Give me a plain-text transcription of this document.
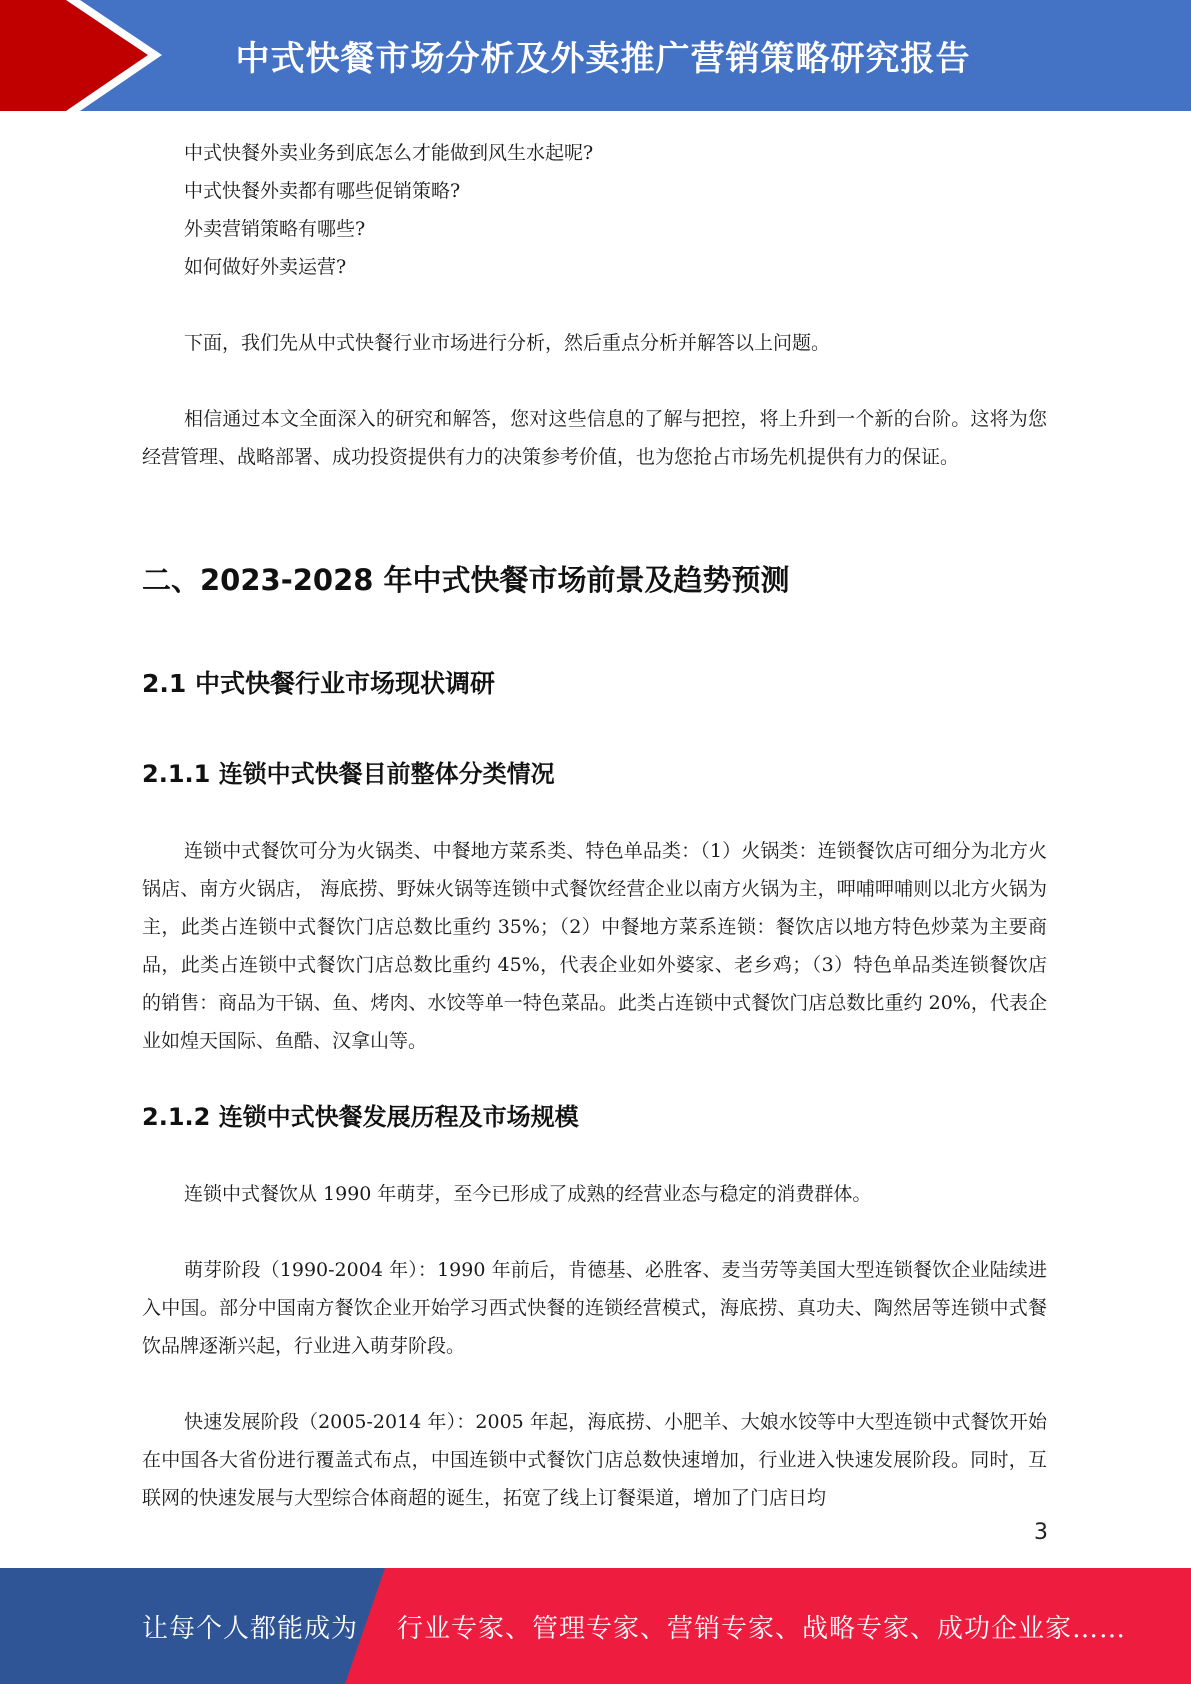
中式快餐市场分析及外卖推广营销策略研究报告

中式快餐外卖业务到底怎么才能做到风生水起呢?

中式快餐外卖都有哪些促销策略?

外卖营销策略有哪些?

如何做好外卖运营?

下面，我们先从中式快餐行业市场进行分析，然后重点分析并解答以上问题。

相信通过本文全面深入的研究和解答，您对这些信息的了解与把控，将上升到一个新的台阶。这将为您经营管理、战略部署、成功投资提供有力的决策参考价值，也为您抢占市场先机提供有力的保证。

二、2023-2028 年中式快餐市场前景及趋势预测
2.1 中式快餐行业市场现状调研
2.1.1 连锁中式快餐目前整体分类情况

连锁中式餐饮可分为火锅类、中餐地方菜系类、特色单品类：（1）火锅类：连锁餐饮店可细分为北方火锅店、南方火锅店， 海底捞、野妹火锅等连锁中式餐饮经营企业以南方火锅为主，呷哺呷哺则以北方火锅为主，此类占连锁中式餐饮门店总数比重约 35%；（2）中餐地方菜系连锁：餐饮店以地方特色炒菜为主要商品，此类占连锁中式餐饮门店总数比重约 45%，代表企业如外婆家、老乡鸡；（3）特色单品类连锁餐饮店的销售：商品为干锅、鱼、烤肉、水饺等单一特色菜品。此类占连锁中式餐饮门店总数比重约 20%，代表企业如煌天国际、鱼酷、汉拿山等。

2.1.2 连锁中式快餐发展历程及市场规模

连锁中式餐饮从 1990 年萌芽，至今已形成了成熟的经营业态与稳定的消费群体。

萌芽阶段（1990-2004 年）：1990 年前后，肯德基、必胜客、麦当劳等美国大型连锁餐饮企业陆续进入中国。部分中国南方餐饮企业开始学习西式快餐的连锁经营模式，海底捞、真功夫、陶然居等连锁中式餐饮品牌逐渐兴起，行业进入萌芽阶段。

快速发展阶段（2005-2014 年）：2005 年起，海底捞、小肥羊、大娘水饺等中大型连锁中式餐饮开始在中国各大省份进行覆盖式布点，中国连锁中式餐饮门店总数快速增加，行业进入快速发展阶段。同时，互联网的快速发展与大型综合体商超的诞生，拓宽了线上订餐渠道，增加了门店日均

3
让每个人都能成为 行业专家、管理专家、营销专家、战略专家、成功企业家……
